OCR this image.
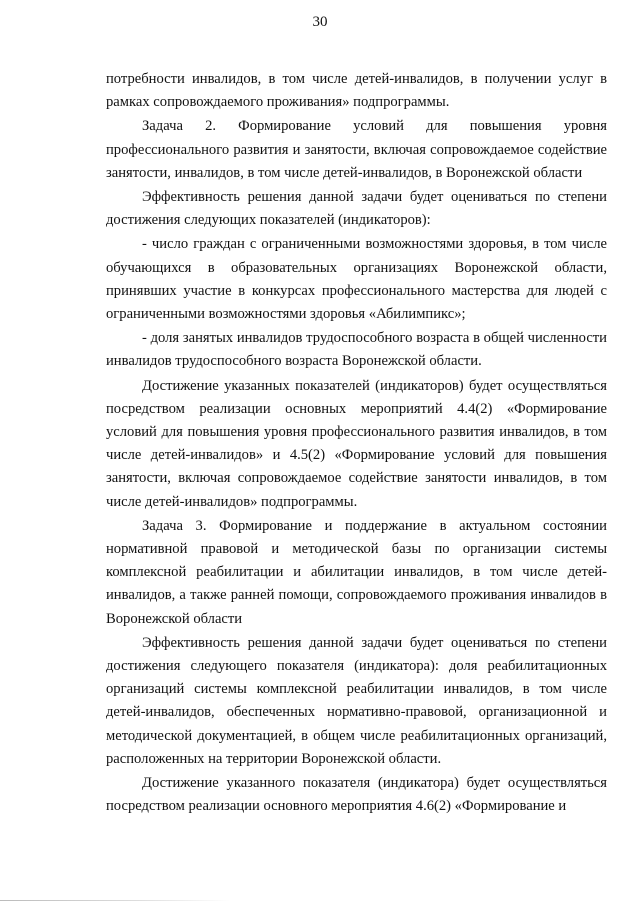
30

потребности инвалидов, в том числе детей-инвалидов, в получении услуг в рамках сопровождаемого проживания» подпрограммы.

Задача 2. Формирование условий для повышения уровня профессионального развития и занятости, включая сопровождаемое содействие занятости, инвалидов, в том числе детей-инвалидов, в Воронежской области

Эффективность решения данной задачи будет оцениваться по степени достижения следующих показателей (индикаторов):

- число граждан с ограниченными возможностями здоровья, в том числе обучающихся в образовательных организациях Воронежской области, принявших участие в конкурсах профессионального мастерства для людей с ограниченными возможностями здоровья «Абилимпикс»;

- доля занятых инвалидов трудоспособного возраста в общей численности инвалидов трудоспособного возраста Воронежской области.

Достижение указанных показателей (индикаторов) будет осуществляться посредством реализации основных мероприятий 4.4(2) «Формирование условий для повышения уровня профессионального развития инвалидов, в том числе детей-инвалидов» и 4.5(2) «Формирование условий для повышения занятости, включая сопровождаемое содействие занятости инвалидов, в том числе детей-инвалидов» подпрограммы.

Задача 3. Формирование и поддержание в актуальном состоянии нормативной правовой и методической базы по организации системы комплексной реабилитации и абилитации инвалидов, в том числе детей-инвалидов, а также ранней помощи, сопровождаемого проживания инвалидов в Воронежской области

Эффективность решения данной задачи будет оцениваться по степени достижения следующего показателя (индикатора): доля реабилитационных организаций системы комплексной реабилитации инвалидов, в том числе детей-инвалидов, обеспеченных нормативно-правовой, организационной и методической документацией, в общем числе реабилитационных организаций, расположенных на территории Воронежской области.

Достижение указанного показателя (индикатора) будет осуществляться посредством реализации основного мероприятия 4.6(2) «Формирование и
